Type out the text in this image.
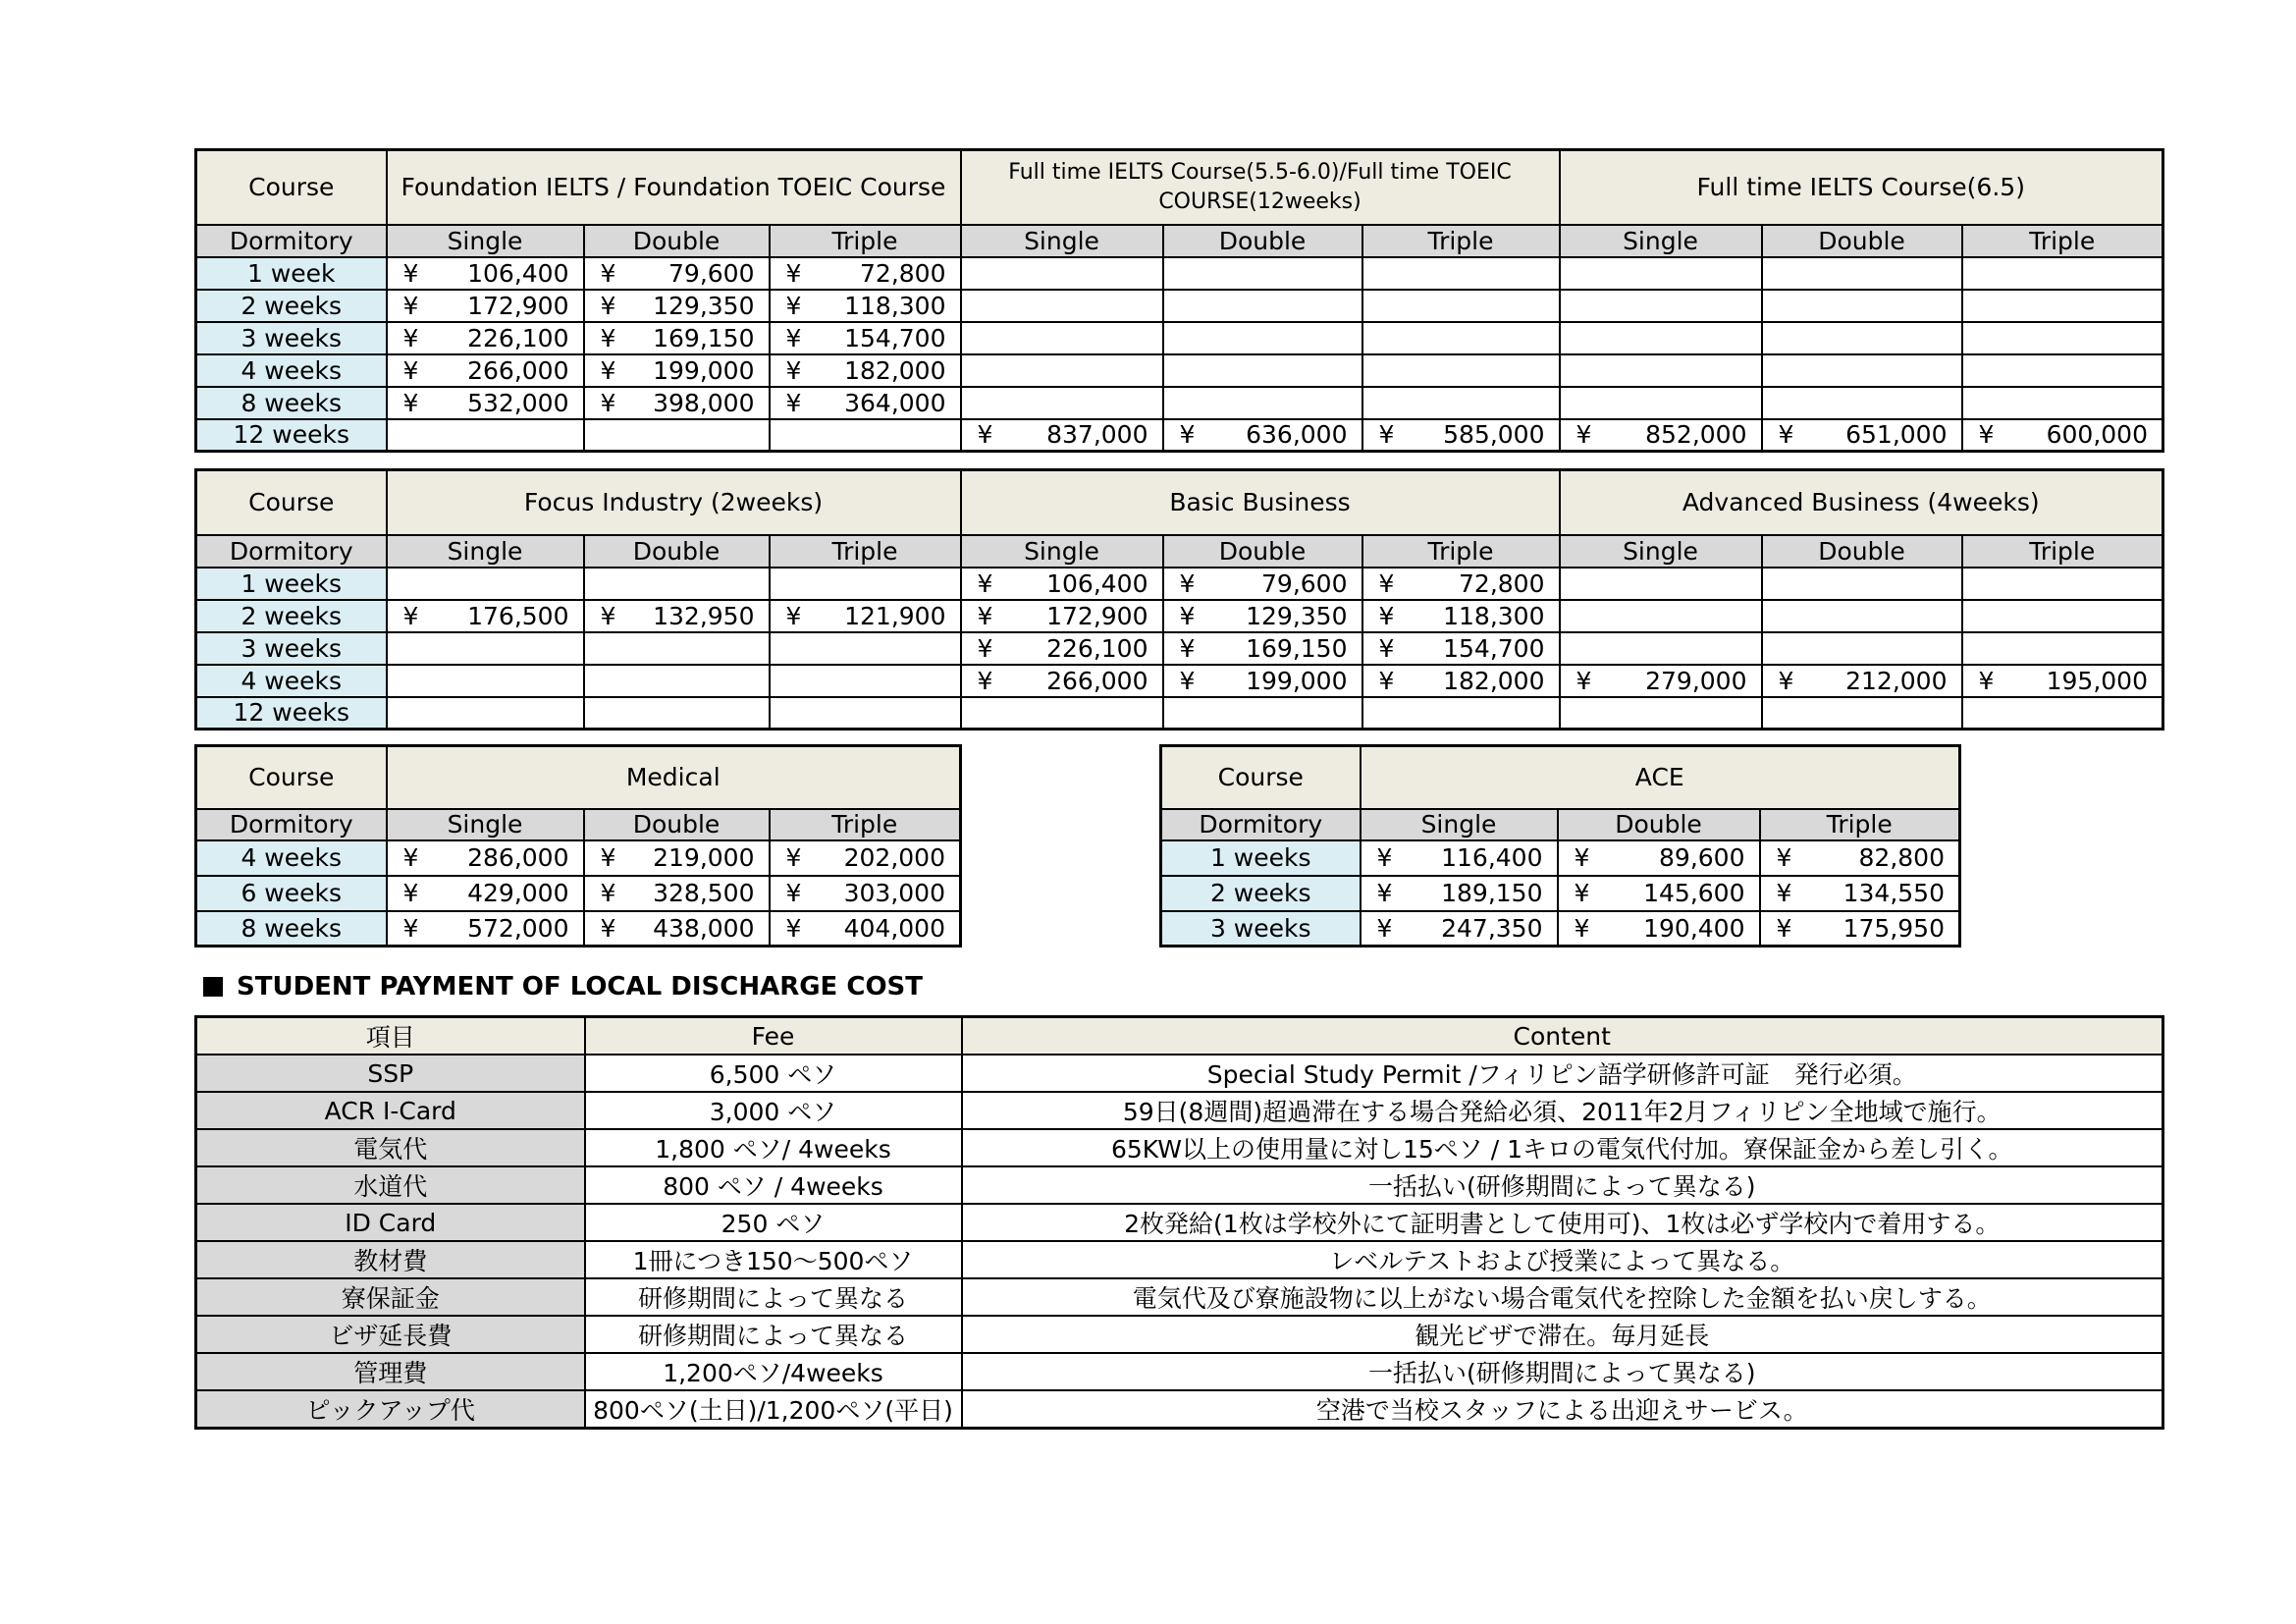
Course	Foundation IELTS / Foundation TOEIC Course			Full time IELTS Course(5.5-6.0)/Full time TOEIC COURSE(12weeks)			Full time IELTS Course(6.5)		
Dormitory	Single	Double	Triple	Single	Double	Triple	Single	Double	Triple
1 week	¥ 106,400	¥ 79,600	¥ 72,800						

2 weeks	¥ 172,900	¥ 129,350	¥ 118,300						

3 weeks	¥ 226,100	¥ 169,150	¥ 154,700						

4 weeks	¥ 266,000	¥ 199,000	¥ 182,000						

8 weeks	¥ 532,000	¥ 398,000	¥ 364,000						

12 weeks				¥ 837,000	¥ 636,000	¥ 585,000	¥ 852,000	¥ 651,000	¥ 600,000
Course	Focus Industry (2weeks)			Basic Business			Advanced Business (4weeks)		
Dormitory	Single	Double	Triple	Single	Double	Triple	Single	Double	Triple
1 weeks				¥ 106,400	¥ 79,600	¥ 72,800			

2 weeks	¥ 176,500	¥ 132,950	¥ 121,900	¥ 172,900	¥ 129,350	¥ 118,300			

3 weeks				¥ 226,100	¥ 169,150	¥ 154,700			

4 weeks				¥ 266,000	¥ 199,000	¥ 182,000	¥ 279,000	¥ 212,000	¥ 195,000

12 weeks									
Course	Medical		
Dormitory	Single	Double	Triple
4 weeks	¥ 286,000	¥ 219,000	¥ 202,000

6 weeks	¥ 429,000	¥ 328,500	¥ 303,000

8 weeks	¥ 572,000	¥ 438,000	¥ 404,000
Course	ACE		
Dormitory	Single	Double	Triple
1 weeks	¥ 116,400	¥ 89,600	¥ 82,800

2 weeks	¥ 189,150	¥ 145,600	¥ 134,550

3 weeks	¥ 247,350	¥ 190,400	¥ 175,950
STUDENT PAYMENT OF LOCAL DISCHARGE COST
項目	Fee	Content
SSP	6,500 ペソ	Special Study Permit /フィリピン語学研修許可証　発行必須。
ACR I-Card	3,000 ペソ	59日(8週間)超過滞在する場合発給必須、2011年2月フィリピン全地域で施行。
電気代	1,800 ペソ/ 4weeks	65KW以上の使用量に対し15ペソ / 1キロの電気代付加。寮保証金から差し引く。
水道代	800 ペソ / 4weeks	一括払い(研修期間によって異なる)
ID Card	250 ペソ	2枚発給(1枚は学校外にて証明書として使用可)、1枚は必ず学校内で着用する。
教材費	1冊につき150～500ペソ	レベルテストおよび授業によって異なる。
寮保証金	研修期間によって異なる	電気代及び寮施設物に以上がない場合電気代を控除した金額を払い戻しする。
ビザ延長費	研修期間によって異なる	観光ビザで滞在。毎月延長
管理費	1,200ペソ/4weeks	一括払い(研修期間によって異なる)
ピックアップ代	800ペソ(土日)/1,200ペソ(平日)	空港で当校スタッフによる出迎えサービス。
